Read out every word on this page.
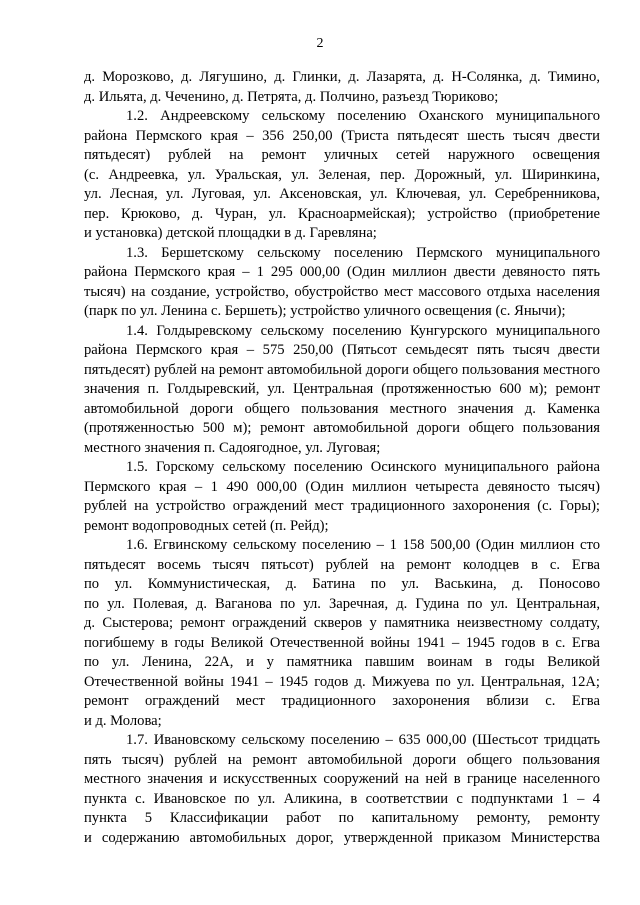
2
д. Морозково, д. Лягушино, д. Глинки, д. Лазарята, д. Н-Солянка, д. Тимино,
д. Ильята, д. Чеченино, д. Петрята, д. Полчино, разъезд Тюриково;
1.2. Андреевскому сельскому поселению Оханского муниципального
района Пермского края – 356 250,00 (Триста пятьдесят шесть тысяч двести
пятьдесят) рублей на ремонт уличных сетей наружного освещения
(с. Андреевка, ул. Уральская, ул. Зеленая, пер. Дорожный, ул. Ширинкина,
ул. Лесная, ул. Луговая, ул. Аксеновская, ул. Ключевая, ул. Серебренникова,
пер. Крюково, д. Чуран, ул. Красноармейская); устройство (приобретение
и установка) детской площадки в д. Гаревляна;
1.3. Бершетскому сельскому поселению Пермского муниципального
района Пермского края – 1 295 000,00 (Один миллион двести девяносто пять
тысяч) на создание, устройство, обустройство мест массового отдыха населения
(парк по ул. Ленина с. Бершеть); устройство уличного освещения (с. Янычи);
1.4. Голдыревскому сельскому поселению Кунгурского муниципального
района Пермского края – 575 250,00 (Пятьсот семьдесят пять тысяч двести
пятьдесят) рублей на ремонт автомобильной дороги общего пользования местного
значения п. Голдыревский, ул. Центральная (протяженностью 600 м); ремонт
автомобильной дороги общего пользования местного значения д. Каменка
(протяженностью 500 м); ремонт автомобильной дороги общего пользования
местного значения п. Садоягодное, ул. Луговая;
1.5. Горскому сельскому поселению Осинского муниципального района
Пермского края – 1 490 000,00 (Один миллион четыреста девяносто тысяч)
рублей на устройство ограждений мест традиционного захоронения (с. Горы);
ремонт водопроводных сетей (п. Рейд);
1.6. Егвинскому сельскому поселению – 1 158 500,00 (Один миллион сто
пятьдесят восемь тысяч пятьсот) рублей на ремонт колодцев в с. Егва
по ул. Коммунистическая, д. Батина по ул. Васькина, д. Поносово
по ул. Полевая, д. Ваганова по ул. Заречная, д. Гудина по ул. Центральная,
д. Сыстерова; ремонт ограждений скверов у памятника неизвестному солдату,
погибшему в годы Великой Отечественной войны 1941 – 1945 годов в с. Егва
по ул. Ленина, 22А, и у памятника павшим воинам в годы Великой
Отечественной войны 1941 – 1945 годов д. Мижуева по ул. Центральная, 12А;
ремонт ограждений мест традиционного захоронения вблизи с. Егва
и д. Молова;
1.7. Ивановскому сельскому поселению – 635 000,00 (Шестьсот тридцать
пять тысяч) рублей на ремонт автомобильной дороги общего пользования
местного значения и искусственных сооружений на ней в границе населенного
пункта с. Ивановское по ул. Аликина, в соответствии с подпунктами 1 – 4
пункта 5 Классификации работ по капитальному ремонту, ремонту
и содержанию автомобильных дорог, утвержденной приказом Министерства
